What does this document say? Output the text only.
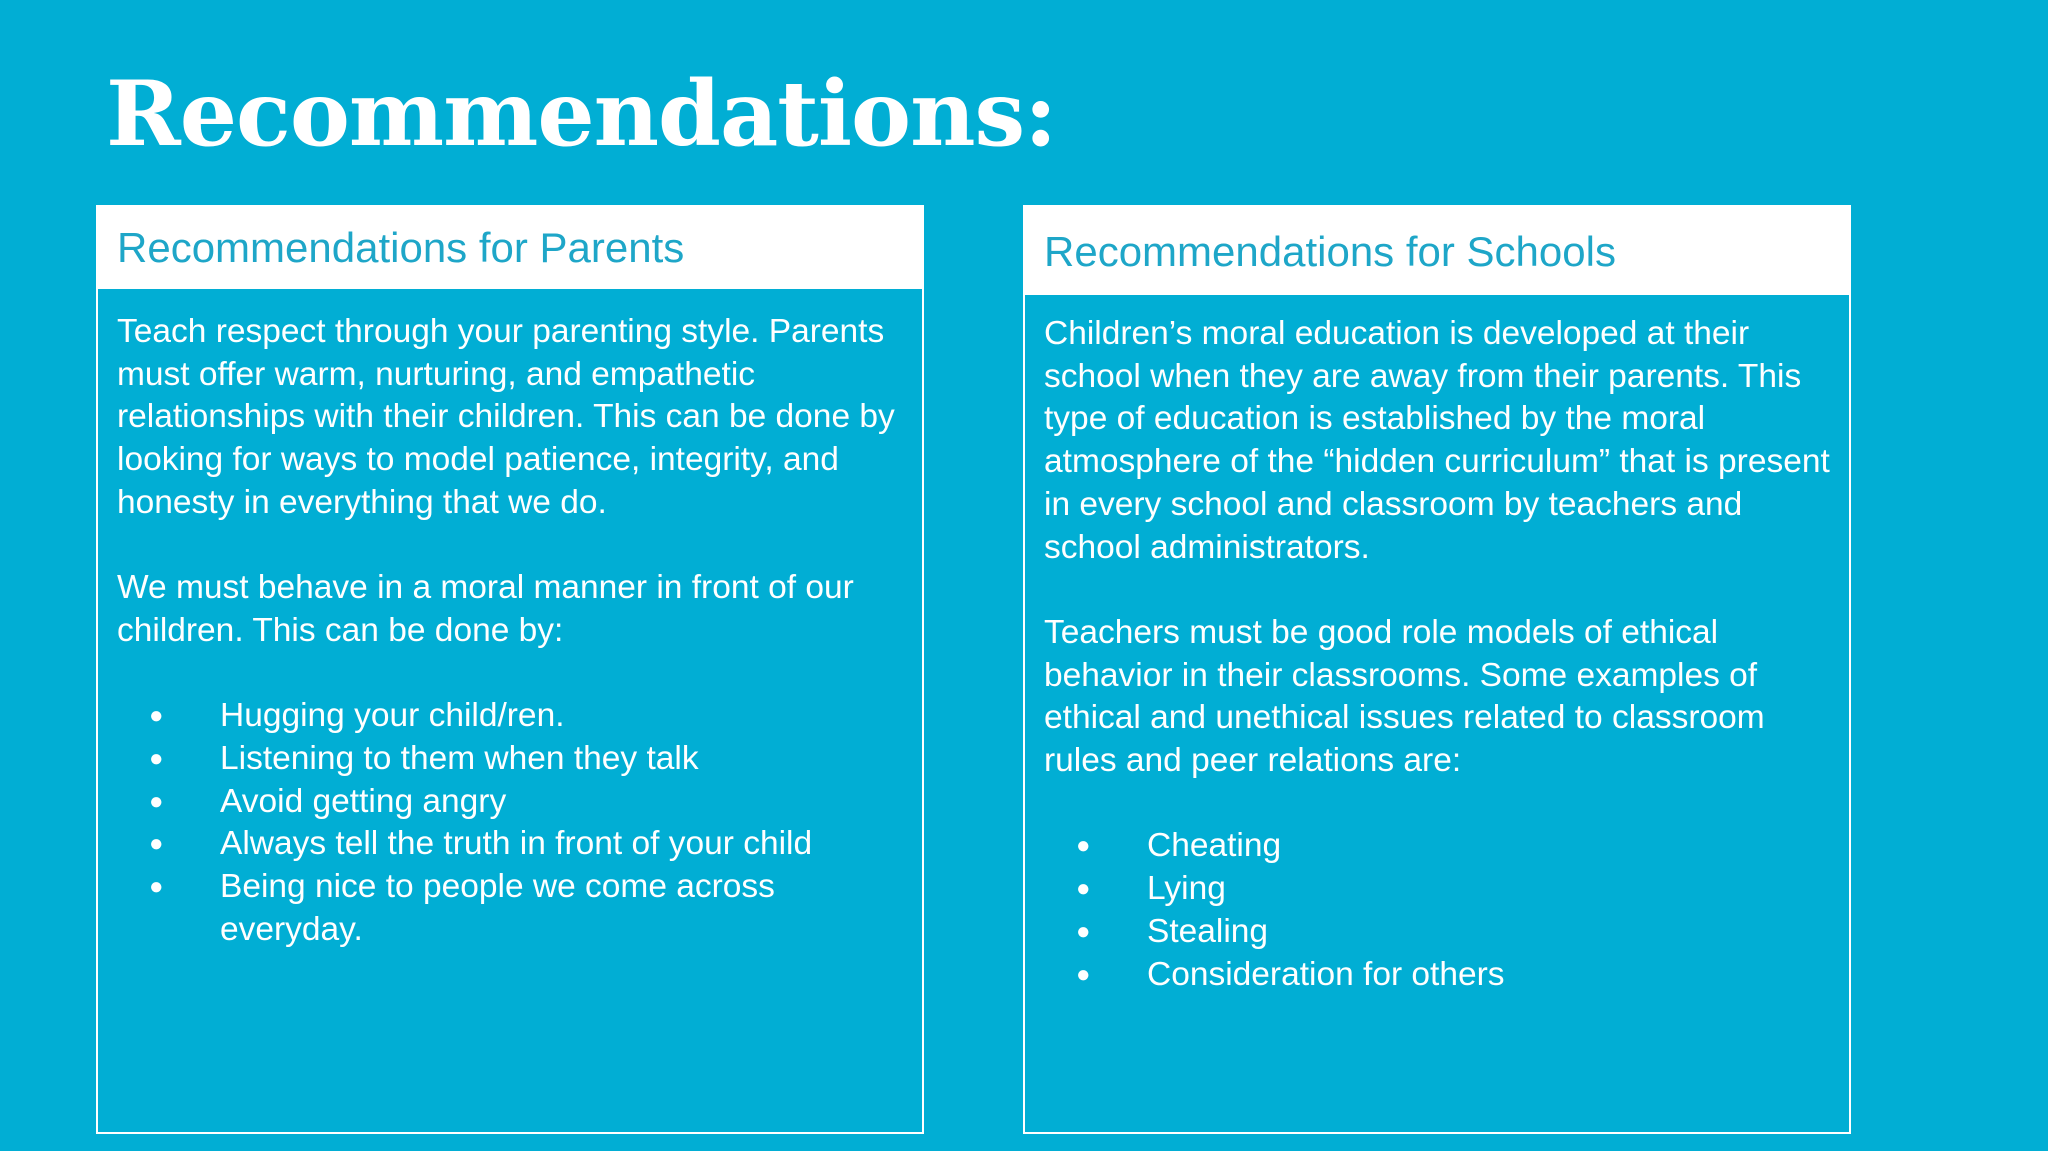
Recommendations:
Recommendations for Parents

Teach respect through your parenting style. Parents must offer warm, nurturing, and empathetic relationships with their children. This can be done by looking for ways to model patience, integrity, and honesty in everything that we do.

We must behave in a moral manner in front of our children. This can be done by:

● Hugging your child/ren.
● Listening to them when they talk
● Avoid getting angry
● Always tell the truth in front of your child
● Being nice to people we come across everyday.
Recommendations for Schools

Children’s moral education is developed at their school when they are away from their parents. This type of education is established by the moral atmosphere of the “hidden curriculum” that is present in every school and classroom by teachers and school administrators.

Teachers must be good role models of ethical behavior in their classrooms. Some examples of ethical and unethical issues related to classroom rules and peer relations are:

● Cheating
● Lying
● Stealing
● Consideration for others
